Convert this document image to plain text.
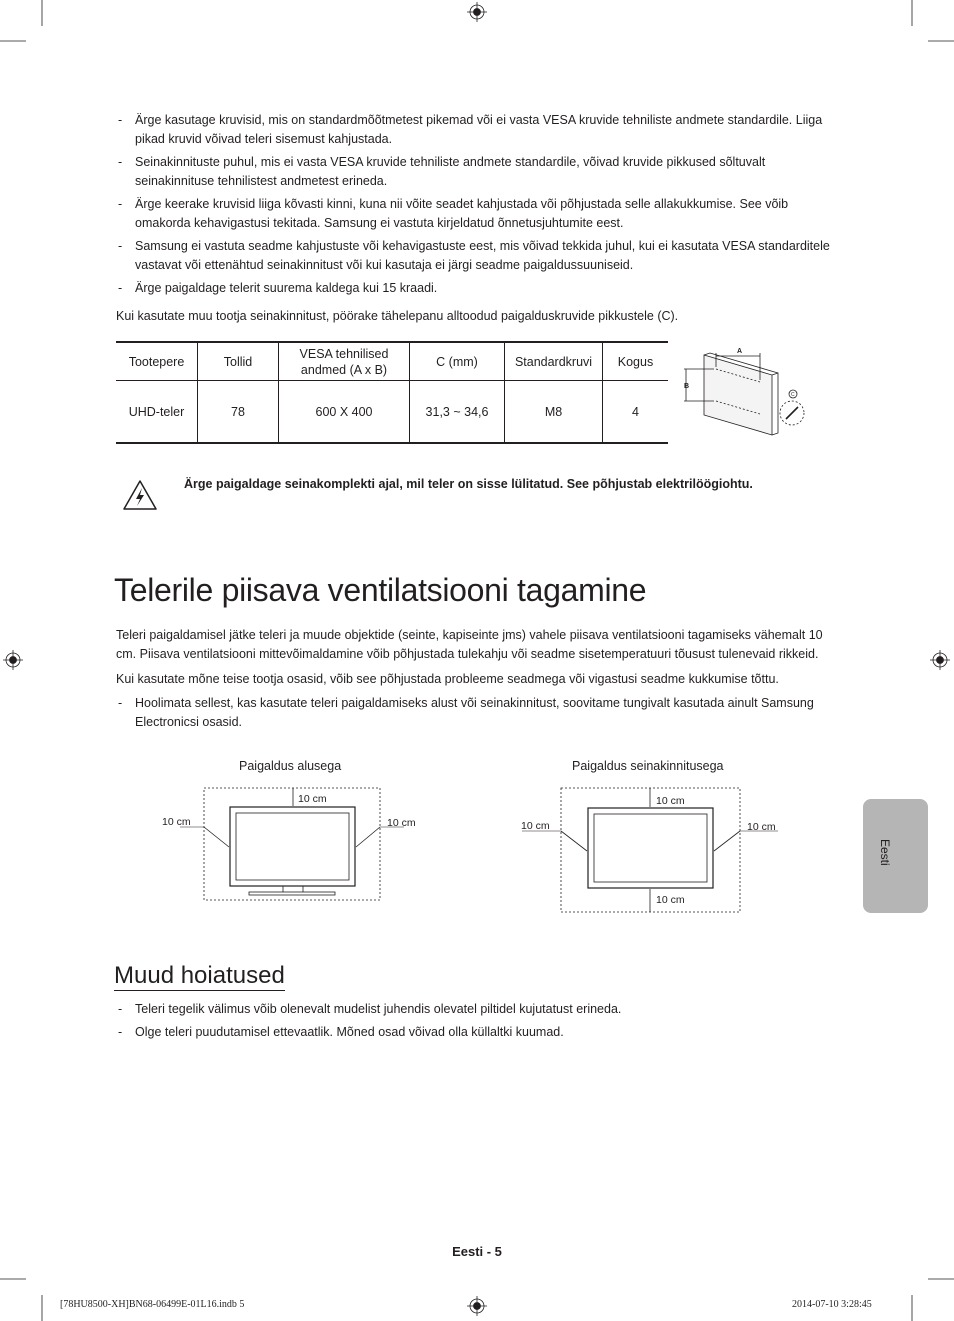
- Ärge kasutage kruvisid, mis on standardmõõtmetest pikemad või ei vasta VESA kruvide tehniliste andmete standardile. Liiga pikad kruvid võivad teleri sisemust kahjustada.
- Seinakinnituste puhul, mis ei vasta VESA kruvide tehniliste andmete standardile, võivad kruvide pikkused sõltuvalt seinakinnituse tehnilistest andmetest erineda.
- Ärge keerake kruvisid liiga kõvasti kinni, kuna nii võite seadet kahjustada või põhjustada selle allakukkumise. See võib omakorda kehavigastusi tekitada. Samsung ei vastuta kirjeldatud õnnetusjuhtumite eest.
- Samsung ei vastuta seadme kahjustuste või kehavigastuste eest, mis võivad tekkida juhul, kui ei kasutata VESA standarditele vastavat või ettenähtud seinakinnitust või kui kasutaja ei järgi seadme paigaldussuuniseid.
- Ärge paigaldage telerit suurema kaldega kui 15 kraadi.

Kui kasutate muu tootja seinakinnitust, pöörake tähelepanu alltoodud paigalduskruvide pikkustele (C).

Tootepere	Tollid	VESA tehnilised andmed (A x B)	C (mm)	Standardkruvi	Kogus
UHD-teler	78	600 X 400	31,3 ~ 34,6	M8	4
A
B
C
Ärge paigaldage seinakomplekti ajal, mil teler on sisse lülitatud. See põhjustab elektrilöögiohtu.
Telerile piisava ventilatsiooni tagamine

Teleri paigaldamisel jätke teleri ja muude objektide (seinte, kapiseinte jms) vahele piisava ventilatsiooni tagamiseks vähemalt 10 cm. Piisava ventilatsiooni mittevõimaldamine võib põhjustada tulekahju või seadme sisetemperatuuri tõusust tulenevaid rikkeid.

Kui kasutate mõne teise tootja osasid, võib see põhjustada probleeme seadmega või vigastusi seadme kukkumise tõttu.

- Hoolimata sellest, kas kasutate teleri paigaldamiseks alust või seinakinnitust, soovitame tungivalt kasutada ainult Samsung Electronicsi osasid.
Paigaldus alusega	Paigaldus seinakinnitusega
10 cm
10 cm	10 cm
10 cm
10 cm	10 cm
10 cm
Eesti
Muud hoiatused
- Teleri tegelik välimus võib olenevalt mudelist juhendis olevatel piltidel kujutatust erineda.
- Olge teleri puudutamisel ettevaatlik. Mõned osad võivad olla küllaltki kuumad.
Eesti - 5
[78HU8500-XH]BN68-06499E-01L16.indb 5	2014-07-10 3:28:45
